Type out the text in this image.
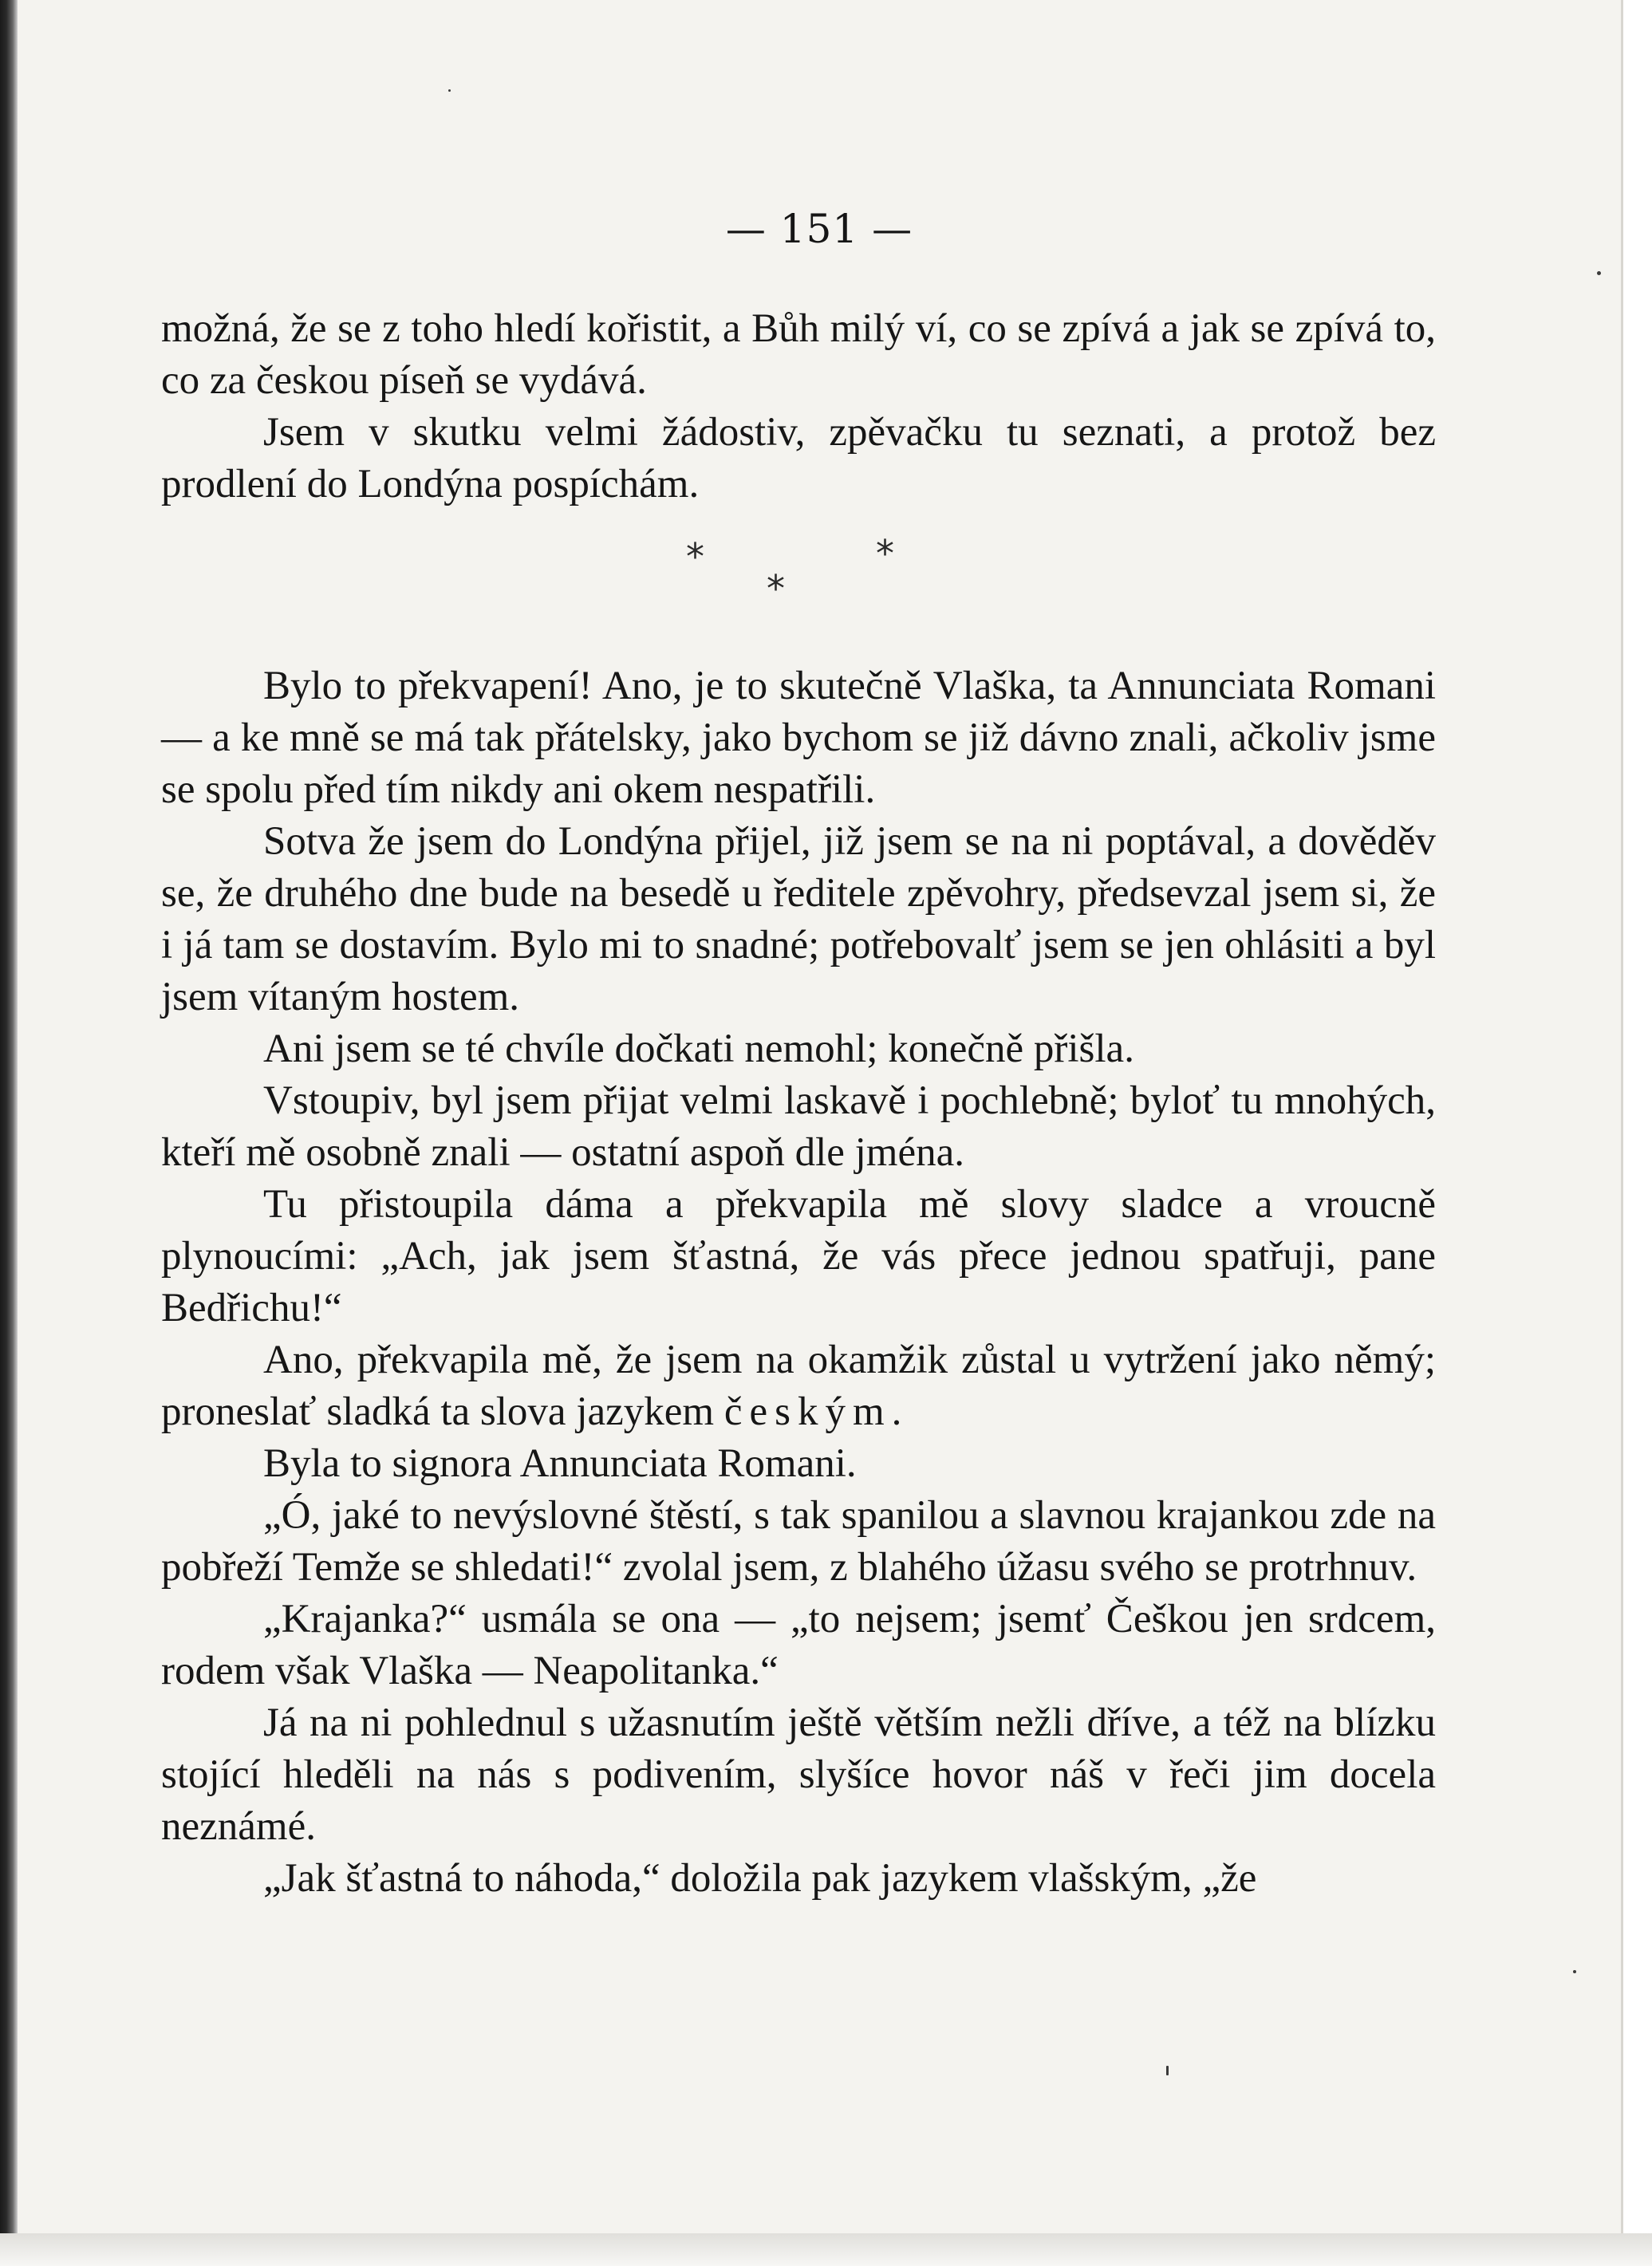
— 151 —

možná, že se z toho hledí kořistit, a Bůh milý ví, co se zpívá a jak se zpívá to, co za českou píseň se vydává.

Jsem v skutku velmi žádostiv, zpěvačku tu seznati, a protož bez prodlení do Londýna pospíchám.

*
*
*

Bylo to překvapení! Ano, je to skutečně Vlaška, ta Annunciata Romani — a ke mně se má tak přátelsky, jako bychom se již dávno znali, ačkoliv jsme se spolu před tím nikdy ani okem nespatřili.

Sotva že jsem do Londýna přijel, již jsem se na ni poptával, a dověděv se, že druhého dne bude na besedě u ředitele zpěvohry, předsevzal jsem si, že i já tam se dostavím. Bylo mi to snadné; potřebovalť jsem se jen ohlásiti a byl jsem vítaným hostem.

Ani jsem se té chvíle dočkati nemohl; konečně přišla.

Vstoupiv, byl jsem přijat velmi laskavě i pochlebně; byloť tu mnohých, kteří mě osobně znali — ostatní aspoň dle jména.

Tu přistoupila dáma a překvapila mě slovy sladce a vroucně plynoucími: „Ach, jak jsem šťastná, že vás přece jednou spatřuji, pane Bedřichu!“

Ano, překvapila mě, že jsem na okamžik zůstal u vytržení jako němý; proneslať sladká ta slova jazykem českým.

Byla to signora Annunciata Romani.

„Ó, jaké to nevýslovné štěstí, s tak spanilou a slavnou krajankou zde na pobřeží Temže se shledati!“ zvolal jsem, z blahého úžasu svého se protrhnuv.

„Krajanka?“ usmála se ona — „to nejsem; jsemť Češkou jen srdcem, rodem však Vlaška — Neapolitanka.“

Já na ni pohlednul s užasnutím ještě větším nežli dříve, a též na blízku stojící hleděli na nás s podivením, slyšíce hovor náš v řeči jim docela neznámé.

„Jak šťastná to náhoda,“ doložila pak jazykem vlašským, „že
